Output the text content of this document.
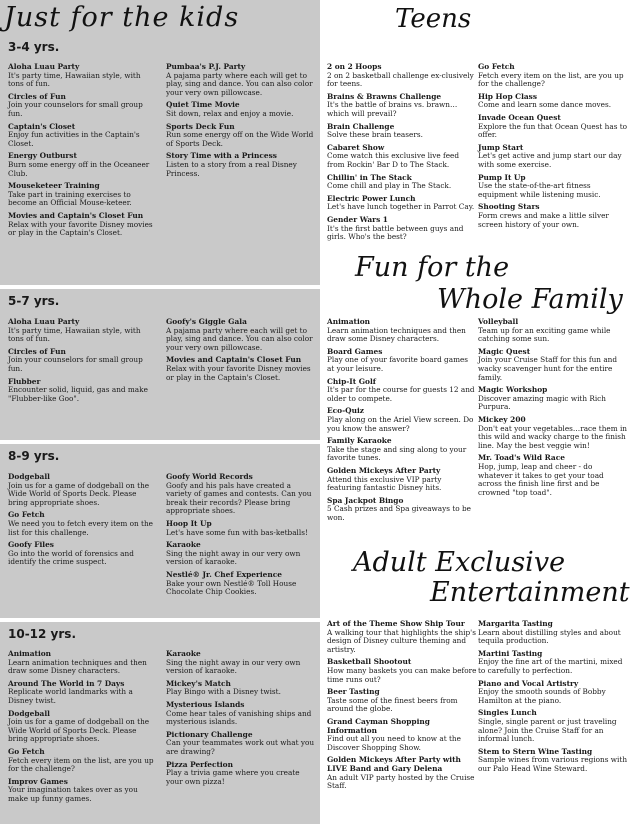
Just for the kids	Teens
Fun for the
Whole Family
Adult Exclusive
Entertainment
3-4 yrs.
5-7 yrs.
8-9 yrs.
10-12 yrs.
Aloha Luau Party
It's party time, Hawaiian style, with tons of fun.
Circles of Fun
Join your counselors for small group fun.
Captain's Closet
Enjoy fun activities in the Captain's Closet.
Energy Outburst
Burn some energy off in the Oceaneer Club.
Mouseketeer Training
Take part in training exercises to become an Official Mouse-keteer.
Movies and Captain's Closet Fun
Relax with your favorite Disney movies or play in the Captain's Closet.
Pumbaa's P.J. Party
A pajama party where each will get to play, sing and dance. You can also color your very own pillowcase.
Quiet Time Movie
Sit down, relax and enjoy a movie.
Sports Deck Fun
Run some energy off on the Wide World of Sports Deck.
Story Time with a Princess
Listen to a story from a real Disney Princess.
Aloha Luau Party
It's party time, Hawaiian style, with tons of fun.
Circles of Fun
Join your counselors for small group fun.
Flubber
Encounter solid, liquid, gas and make "Flubber-like Goo".
Goofy's Giggle Gala
A pajama party where each will get to play, sing and dance. You can also color your very own pillowcase.
Movies and Captain's Closet Fun
Relax with your favorite Disney movies or play in the Captain's Closet.
Dodgeball
Join us for a game of dodgeball on the Wide World of Sports Deck. Please bring appropriate shoes.
Go Fetch
We need you to fetch every item on the list for this challenge.
Goofy Files
Go into the world of forensics and identify the crime suspect.
Goofy World Records
Goofy and his pals have created a variety of games and contests. Can you break their records? Please bring appropriate shoes.
Hoop It Up
Let's have some fun with bas-ketballs!
Karaoke
Sing the night away in our very own version of karaoke.
Nestlé® Jr. Chef Experience
Bake your own Nestlé® Toll House Chocolate Chip Cookies.
Animation
Learn animation techniques and then draw some Disney characters.
Around The World in 7 Days
Replicate world landmarks with a Disney twist.
Dodgeball
Join us for a game of dodgeball on the Wide World of Sports Deck. Please bring appropriate shoes.
Go Fetch
Fetch every item on the list, are you up for the challenge?
Improv Games
Your imagination takes over as you make up funny games.
Karaoke
Sing the night away in our very own version of karaoke.
Mickey's Match
Play Bingo with a Disney twist.
Mysterious Islands
Come hear tales of vanishing ships and mysterious islands.
Pictionary Challenge
Can your teammates work out what you are drawing?
Pizza Perfection
Play a trivia game where you create your own pizza!
2 on 2 Hoops
2 on 2 basketball challenge ex-clusively for teens.
Brains & Brawns Challenge
It's the battle of brains vs. brawn…which will prevail?
Brain Challenge
Solve these brain teasers.
Cabaret Show
Come watch this exclusive live feed from Rockin' Bar D to The Stack.
Chillin' in The Stack
Come chill and play in The Stack.
Electric Power Lunch
Let's have lunch together in Parrot Cay.
Gender Wars 1
It's the first battle between guys and girls. Who's the best?
Go Fetch
Fetch every item on the list, are you up for the challenge?
Hip Hop Class
Come and learn some dance moves.
Invade Ocean Quest
Explore the fun that Ocean Quest has to offer.
Jump Start
Let's get active and jump start our day with some exercise.
Pump It Up
Use the state-of-the-art fitness equipment while listening music.
Shooting Stars
Form crews and make a little silver screen history of your own.
Animation
Learn animation techniques and then draw some Disney characters.
Board Games
Play one of your favorite board games at your leisure.
Chip-It Golf
It's par for the course for guests 12 and older to compete.
Eco-Quiz
Play along on the Ariel View screen. Do you know the answer?
Family Karaoke
Take the stage and sing along to your favorite tunes.
Golden Mickeys After Party
Attend this exclusive VIP party featuring fantastic Disney hits.
Spa Jackpot Bingo
5 Cash prizes and Spa giveaways to be won.
Volleyball
Team up for an exciting game while catching some sun.
Magic Quest
Join your Cruise Staff for this fun and wacky scavenger hunt for the entire family.
Magic Workshop
Discover amazing magic with Rich Purpura.
Mickey 200
Don't eat your vegetables…race them in this wild and wacky charge to the finish line. May the best veggie win!
Mr. Toad's Wild Race
Hop, jump, leap and cheer - do whatever it takes to get your toad across the finish line first and be crowned "top toad".
Art of the Theme Show Ship Tour
A walking tour that highlights the ship's design of Disney culture theming and artistry.
Basketball Shootout
How many baskets you can make before time runs out?
Beer Tasting
Taste some of the finest beers from around the globe.
Grand Cayman Shopping Information
Find out all you need to know at the Discover Shopping Show.
Golden Mickeys After Party with LIVE Band and Gary Delena
An adult VIP party hosted by the Cruise Staff.
Margarita Tasting
Learn about distilling styles and about tequila production.
Martini Tasting
Enjoy the fine art of the martini, mixed to carefully to perfection.
Piano and Vocal Artistry
Enjoy the smooth sounds of Bobby Hamilton at the piano.
Singles Lunch
Single, single parent or just traveling alone? Join the Cruise Staff for an informal lunch.
Stem to Stern Wine Tasting
Sample wines from various regions with our Palo Head Wine Steward.
